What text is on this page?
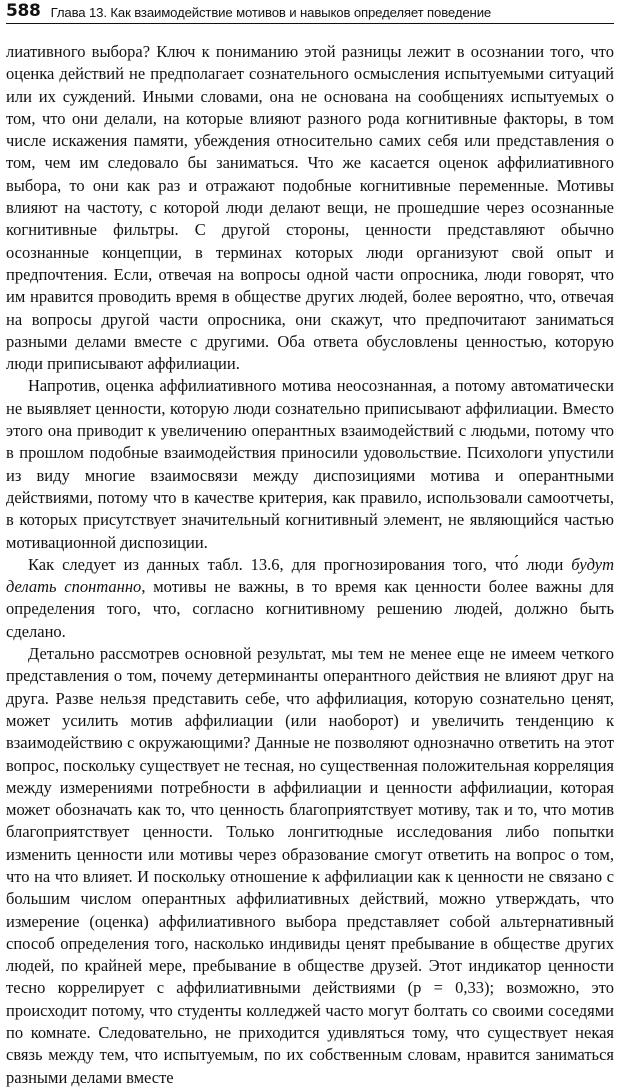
588 Глава 13. Как взаимодействие мотивов и навыков определяет поведение

лиативного выбора? Ключ к пониманию этой разницы лежит в осознании того, что оценка действий не предполагает сознательного осмысления испытуемыми ситуаций или их суждений. Иными словами, она не основана на сообщениях испытуемых о том, что они делали, на которые влияют разного рода когнитивные факторы, в том числе искажения памяти, убеждения относительно самих себя или представления о том, чем им следовало бы заниматься. Что же касается оценок аффилиативного выбора, то они как раз и отражают подобные когнитивные переменные. Мотивы влияют на частоту, с которой люди делают вещи, не прошедшие через осознанные когнитивные фильтры. С другой стороны, ценности представляют обычно осознанные концепции, в терминах которых люди организуют свой опыт и предпочтения. Если, отвечая на вопросы одной части опросника, люди говорят, что им нравится проводить время в обществе других людей, более вероятно, что, отвечая на вопросы другой части опросника, они скажут, что предпочитают заниматься разными делами вместе с другими. Оба ответа обусловлены ценностью, которую люди приписывают аффилиации.

Напротив, оценка аффилиативного мотива неосознанная, а потому автоматически не выявляет ценности, которую люди сознательно приписывают аффилиации. Вместо этого она приводит к увеличению оперантных взаимодействий с людьми, потому что в прошлом подобные взаимодействия приносили удовольствие. Психологи упустили из виду многие взаимосвязи между диспозициями мотива и оперантными действиями, потому что в качестве критерия, как правило, использовали самоотчеты, в которых присутствует значительный когнитивный элемент, не являющийся частью мотивационной диспозиции.

Как следует из данных табл. 13.6, для прогнозирования того, что́ люди будут делать спонтанно, мотивы не важны, в то время как ценности более важны для определения того, что, согласно когнитивному решению людей, должно быть сделано.

Детально рассмотрев основной результат, мы тем не менее еще не имеем четкого представления о том, почему детерминанты оперантного действия не влияют друг на друга. Разве нельзя представить себе, что аффилиация, которую сознательно ценят, может усилить мотив аффилиации (или наоборот) и увеличить тенденцию к взаимодействию с окружающими? Данные не позволяют однозначно ответить на этот вопрос, поскольку существует не тесная, но существенная положительная корреляция между измерениями потребности в аффилиации и ценности аффилиации, которая может обозначать как то, что ценность благоприятствует мотиву, так и то, что мотив благоприятствует ценности. Только лонгитюдные исследования либо попытки изменить ценности или мотивы через образование смогут ответить на вопрос о том, что на что влияет. И поскольку отношение к аффилиации как к ценности не связано с большим числом оперантных аффилиативных действий, можно утверждать, что измерение (оценка) аффилиативного выбора представляет собой альтернативный способ определения того, насколько индивиды ценят пребывание в обществе других людей, по крайней мере, пребывание в обществе друзей. Этот индикатор ценности тесно коррелирует с аффилиативными действиями (р = 0,33); возможно, это происходит потому, что студенты колледжей часто могут болтать со своими соседями по комнате. Следовательно, не приходится удивляться тому, что существует некая связь между тем, что испытуемым, по их собственным словам, нравится заниматься разными делами вместе
